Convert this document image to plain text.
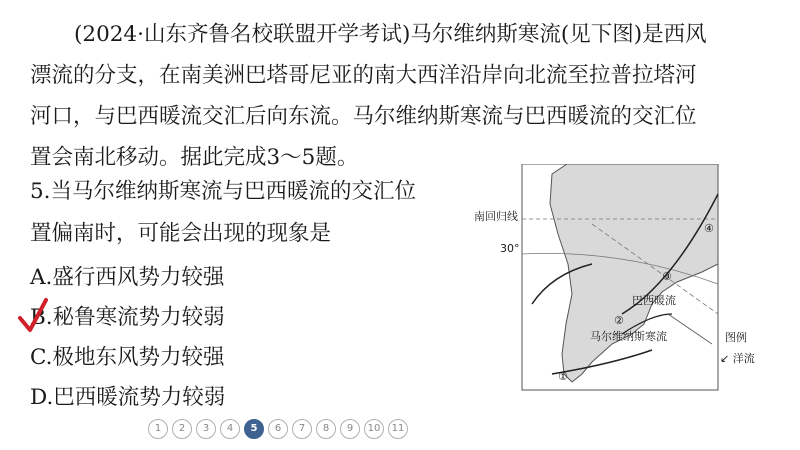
(2024·山东齐鲁名校联盟开学考试)马尔维纳斯寒流(见下图)是西风
漂流的分支，在南美洲巴塔哥尼亚的南大西洋沿岸向北流至拉普拉塔河
河口，与巴西暖流交汇后向东流。马尔维纳斯寒流与巴西暖流的交汇位
置会南北移动。据此完成3～5题。
5.当马尔维纳斯寒流与巴西暖流的交汇位
置偏南时，可能会出现的现象是
A.盛行西风势力较强
B.秘鲁寒流势力较弱
C.极地东风势力较强
D.巴西暖流势力较弱
南回归线
30°
巴西暖流
马尔维纳斯寒流
①
②
③
④
图例
↙ 洋流
1	2	3	4	5	6	7	8	9	10	11
